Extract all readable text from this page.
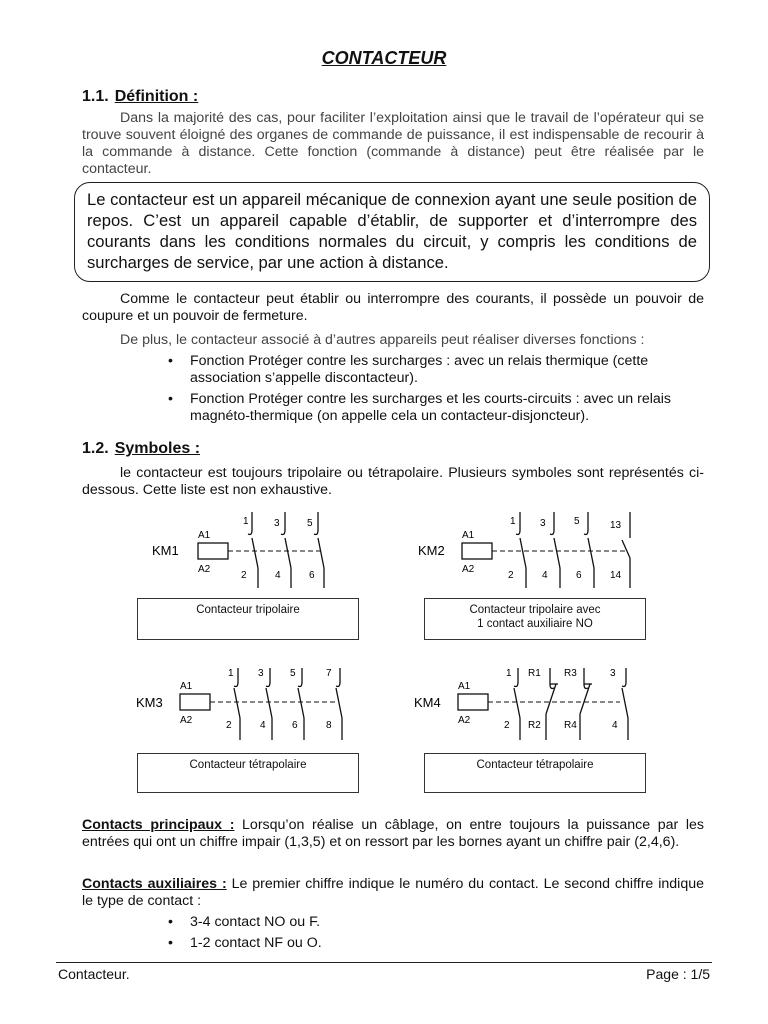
CONTACTEUR
1.1. Définition :
Dans la majorité des cas, pour faciliter l’exploitation ainsi que le travail de l’opérateur qui se trouve souvent éloigné des organes de commande de puissance, il est indispensable de recourir à la commande à distance. Cette fonction (commande à distance) peut être réalisée par le contacteur.
Le contacteur est un appareil mécanique de connexion ayant une seule position de repos. C’est un appareil capable d’établir, de supporter et d’interrompre des courants dans les conditions normales du circuit, y compris les conditions de surcharges de service, par une action à distance.
Comme le contacteur peut établir ou interrompre des courants, il possède un pouvoir de coupure et un pouvoir de fermeture.
De plus, le contacteur associé à d’autres appareils peut réaliser diverses fonctions :
• Fonction Protéger contre les surcharges : avec un relais thermique (cette association s’appelle discontacteur).
• Fonction Protéger contre les surcharges et les courts-circuits : avec un relais magnéto-thermique (on appelle cela un contacteur-disjoncteur).
1.2. Symboles :
le contacteur est toujours tripolaire ou tétrapolaire. Plusieurs symboles sont représentés ci-dessous. Cette liste est non exhaustive.
KM1
A1
A2
1	3	5
2	4	6
Contacteur tripolaire
KM2
A1
A2
1 3	5	13
2	4	6	14
Contacteur tripolaire avec
1 contact auxiliaire NO
KM3
A1
A2
1 3	5	7
2	4	6	8
Contacteur tétrapolaire
KM4
A1
A2
1 R1 R3	3
2 R2 R4	4
Contacteur tétrapolaire
Contacts principaux : Lorsqu’on réalise un câblage, on entre toujours la puissance par les entrées qui ont un chiffre impair (1,3,5) et on ressort par les bornes ayant un chiffre pair (2,4,6).
Contacts auxiliaires : Le premier chiffre indique le numéro du contact. Le second chiffre indique le type de contact :
• 3-4 contact NO ou F.
• 1-2 contact NF ou O.
Contacteur.	Page : 1/5
